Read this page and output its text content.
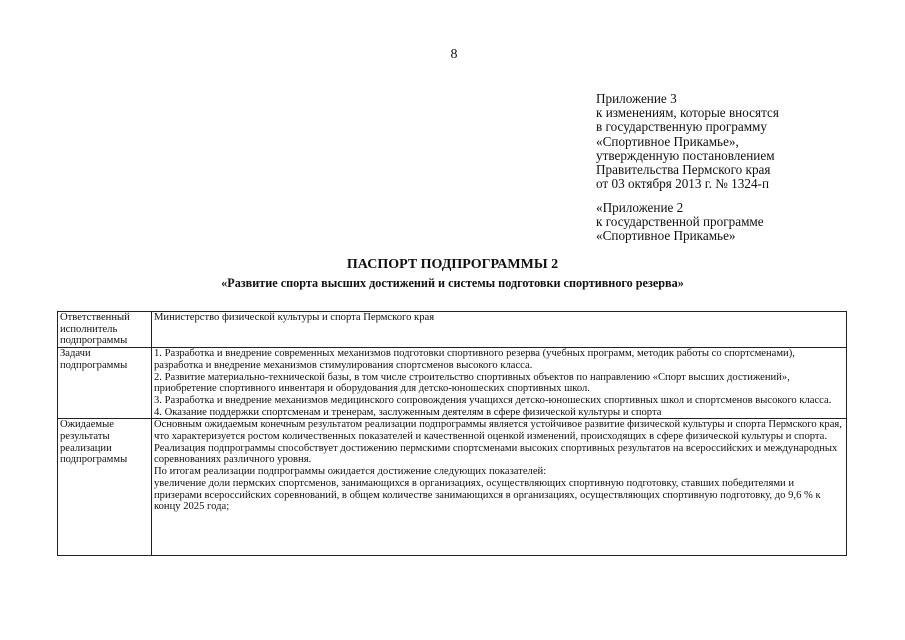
8
Приложение 3
к изменениям, которые вносятся
в государственную программу
«Спортивное Прикамье»,
утвержденную постановлением
Правительства Пермского края
от 03 октября 2013 г. № 1324-п
«Приложение 2
к государственной программе
«Спортивное Прикамье»
ПАСПОРТ ПОДПРОГРАММЫ 2
«Развитие спорта высших достижений и системы подготовки спортивного резерва»
Ответственный исполнитель подпрограммы	Министерство физической культуры и спорта Пермского края

Задачи подпрограммы	1. Разработка и внедрение современных механизмов подготовки спортивного резерва (учебных программ, методик работы со спортсменами), разработка и внедрение механизмов стимулирования спортсменов высокого класса.
2. Развитие материально-технической базы, в том числе строительство спортивных объектов по направлению «Спорт высших достижений», приобретение спортивного инвентаря и оборудования для детско-юношеских спортивных школ.
3. Разработка и внедрение механизмов медицинского сопровождения учащихся детско-юношеских спортивных школ и спортсменов высокого класса.
4. Оказание поддержки спортсменам и тренерам, заслуженным деятелям в сфере физической культуры и спорта

Ожидаемые результаты реализации подпрограммы	Основным ожидаемым конечным результатом реализации подпрограммы является устойчивое развитие физической культуры и спорта Пермского края, что характеризуется ростом количественных показателей и качественной оценкой изменений, происходящих в сфере физической культуры и спорта. Реализация подпрограммы способствует достижению пермскими спортсменами высоких спортивных результатов на всероссийских и международных соревнованиях различного уровня.
По итогам реализации подпрограммы ожидается достижение следующих показателей:
увеличение доли пермских спортсменов, занимающихся в организациях, осуществляющих спортивную подготовку, ставших победителями и призерами всероссийских соревнований, в общем количестве занимающихся в организациях, осуществляющих спортивную подготовку, до 9,6 % к концу 2025 года;
